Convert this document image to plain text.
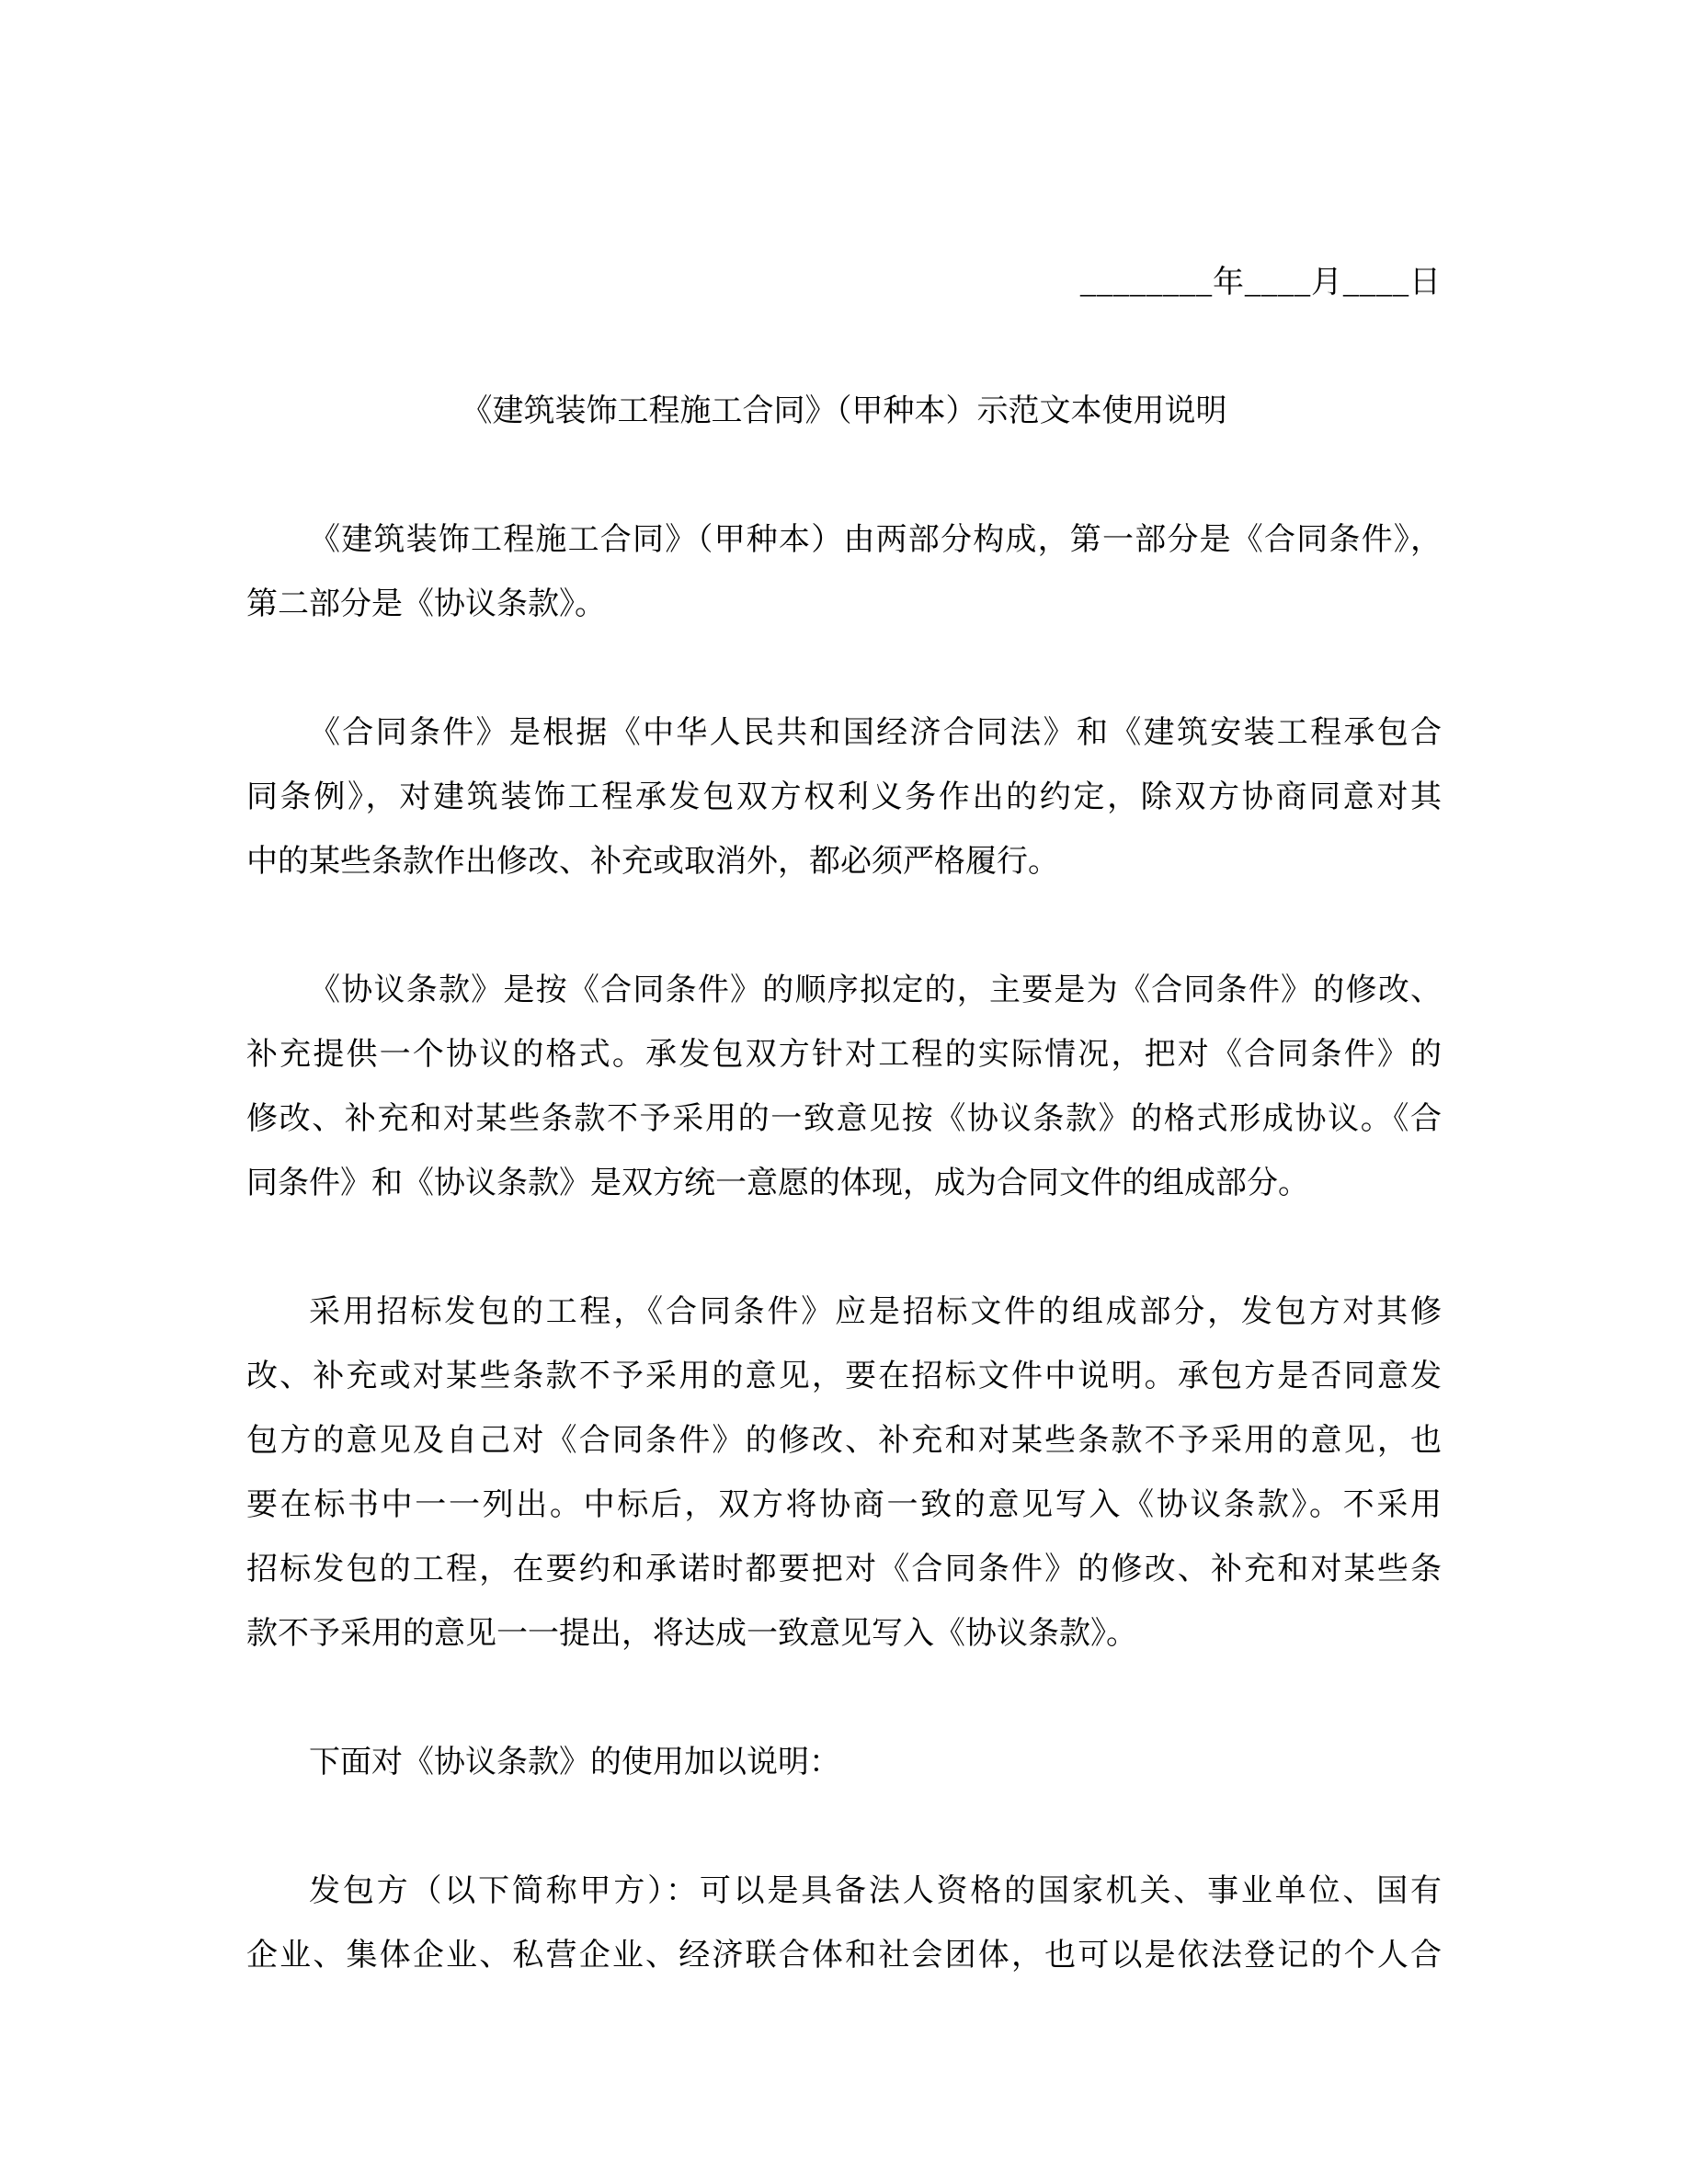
________年____月____日
《建筑装饰工程施工合同》（甲种本）示范文本使用说明
《建筑装饰工程施工合同》（甲种本）由两部分构成，第一部分是《合同条件》，
第二部分是《协议条款》。
《合同条件》是根据《中华人民共和国经济合同法》和《建筑安装工程承包合
同条例》，对建筑装饰工程承发包双方权利义务作出的约定，除双方协商同意对其
中的某些条款作出修改、补充或取消外，都必须严格履行。
《协议条款》是按《合同条件》的顺序拟定的，主要是为《合同条件》的修改、
补充提供一个协议的格式。承发包双方针对工程的实际情况，把对《合同条件》的
修改、补充和对某些条款不予采用的一致意见按《协议条款》的格式形成协议。《合
同条件》和《协议条款》是双方统一意愿的体现，成为合同文件的组成部分。
采用招标发包的工程，《合同条件》应是招标文件的组成部分，发包方对其修
改、补充或对某些条款不予采用的意见，要在招标文件中说明。承包方是否同意发
包方的意见及自己对《合同条件》的修改、补充和对某些条款不予采用的意见，也
要在标书中一一列出。中标后，双方将协商一致的意见写入《协议条款》。不采用
招标发包的工程，在要约和承诺时都要把对《合同条件》的修改、补充和对某些条
款不予采用的意见一一提出，将达成一致意见写入《协议条款》。
下面对《协议条款》的使用加以说明：
发包方（以下简称甲方）：可以是具备法人资格的国家机关、事业单位、国有
企业、集体企业、私营企业、经济联合体和社会团体，也可以是依法登记的个人合
